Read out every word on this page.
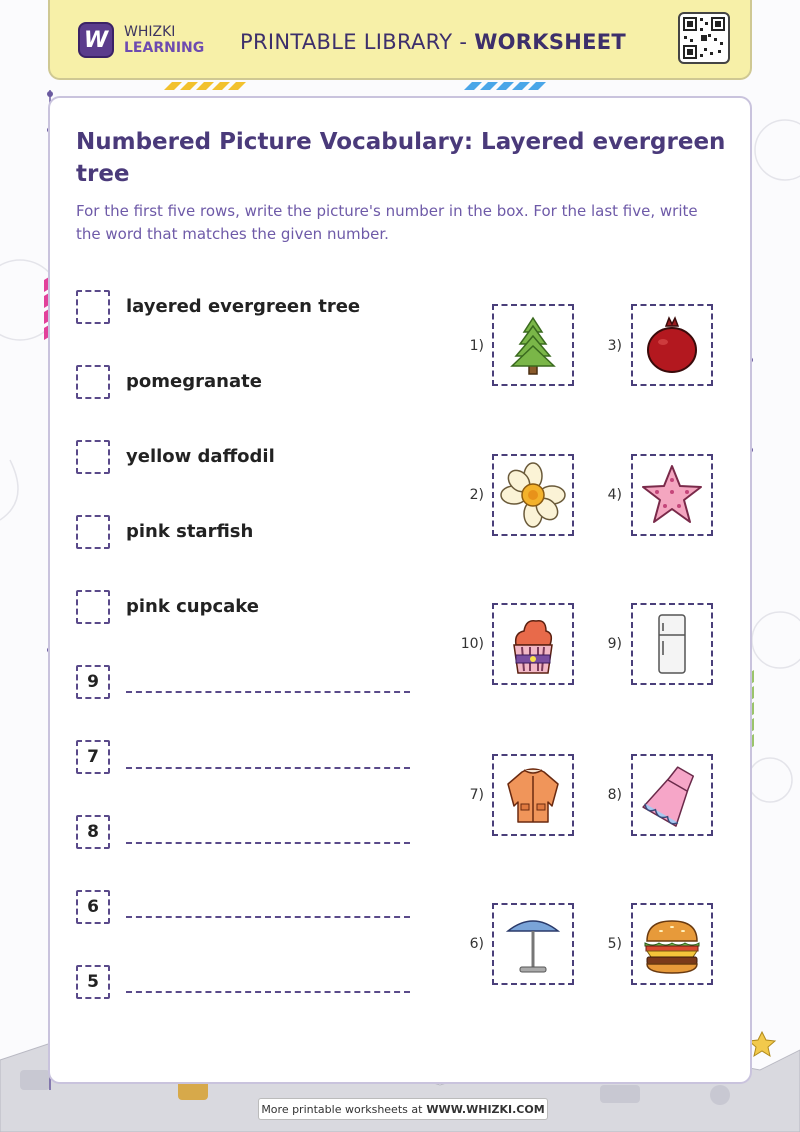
W WHIZKI
LEARNING PRINTABLE LIBRARY - WORKSHEET
Numbered Picture Vocabulary: Layered evergreen tree

For the first five rows, write the picture's number in the box. For the last five, write the word that matches the given number.

layered evergreen tree
pomegranate
yellow daffodil
pink starfish
pink cupcake
9
7
8
6
5
1)	3)
2)	4)
10)	9)
7)	8)
6)	5)
More printable worksheets at WWW.WHIZKI.COM
